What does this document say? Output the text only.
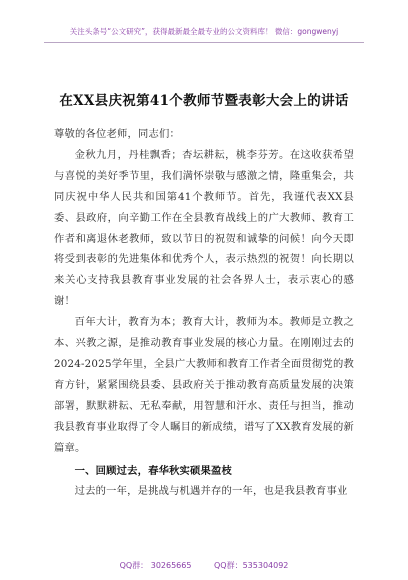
关注头条号“公文研究”，获得最新最全最专业的公文资料库！ 微信：gongwenyj
在XX县庆祝第41个教师节暨表彰大会上的讲话

尊敬的各位老师，同志们：

金秋九月，丹桂飘香；杏坛耕耘，桃李芬芳。在这收获希望与喜悦的美好季节里，我们满怀崇敬与感激之情，隆重集会，共同庆祝中华人民共和国第41个教师节。首先，我谨代表XX县委、县政府，向辛勤工作在全县教育战线上的广大教师、教育工作者和离退休老教师，致以节日的祝贺和诚挚的问候！向今天即将受到表彰的先进集体和优秀个人，表示热烈的祝贺！向长期以来关心支持我县教育事业发展的社会各界人士，表示衷心的感谢！

百年大计，教育为本；教育大计，教师为本。教师是立教之本、兴教之源，是推动教育事业发展的核心力量。在刚刚过去的2024-2025学年里，全县广大教师和教育工作者全面贯彻党的教育方针，紧紧围绕县委、县政府关于推动教育高质量发展的决策部署，默默耕耘、无私奉献，用智慧和汗水、责任与担当，推动我县教育事业取得了令人瞩目的新成绩，谱写了XX教育发展的新篇章。

一、回顾过去，春华秋实硕果盈枝

过去的一年，是挑战与机遇并存的一年，也是我县教育事业

QQ群： 30265665	QQ群：535304092
